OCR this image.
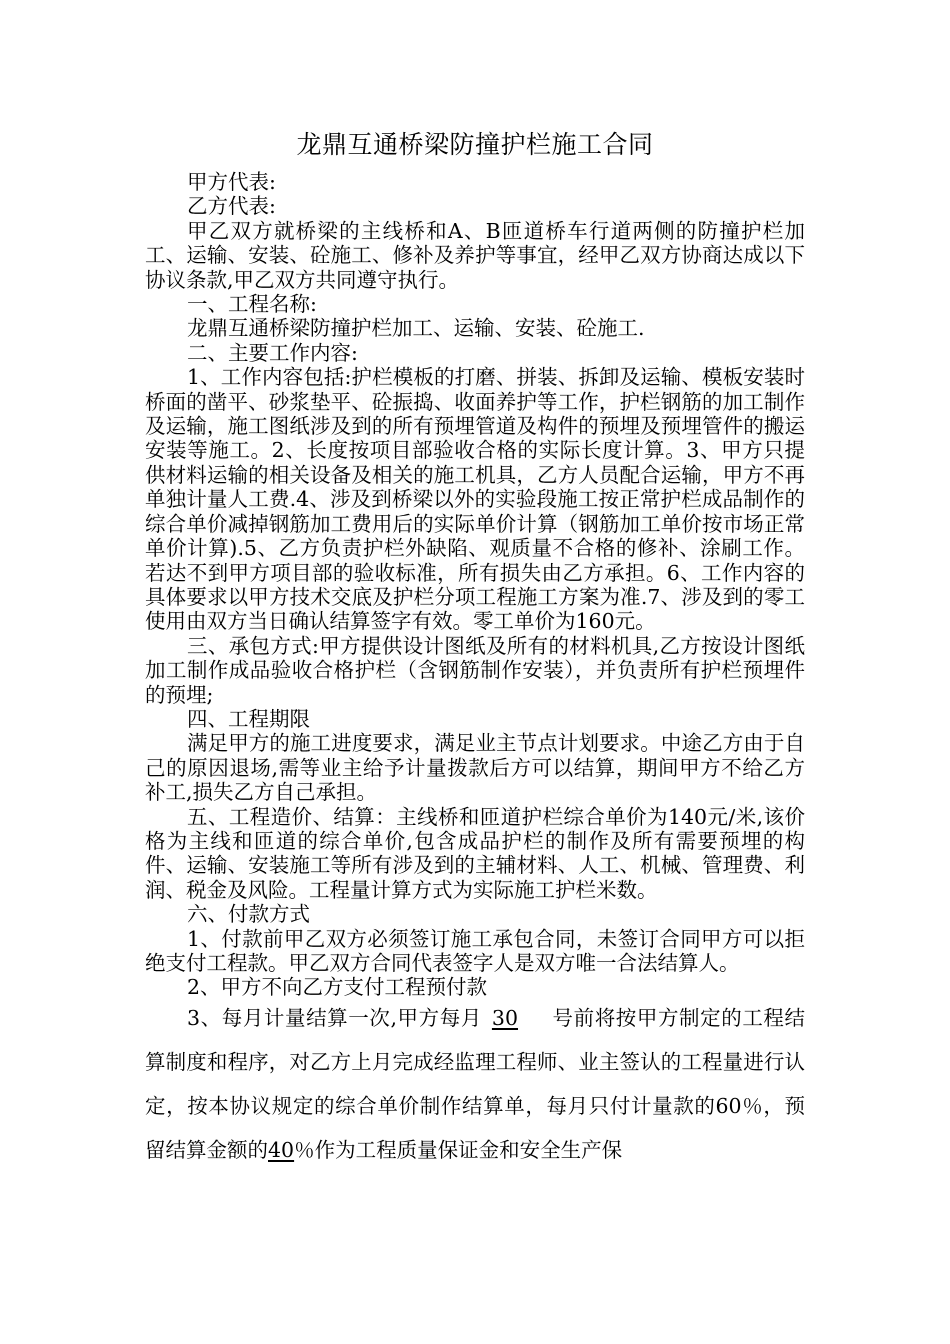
龙鼎互通桥梁防撞护栏施工合同

甲方代表:

乙方代表:

甲乙双方就桥梁的主线桥和A、B匝道桥车行道两侧的防撞护栏加工、运输、安装、砼施工、修补及养护等事宜，经甲乙双方协商达成以下协议条款,甲乙双方共同遵守执行。

一、工程名称:

龙鼎互通桥梁防撞护栏加工、运输、安装、砼施工.

二、主要工作内容:

1、工作内容包括:护栏模板的打磨、拼装、拆卸及运输、模板安装时桥面的凿平、砂浆垫平、砼振捣、收面养护等工作，护栏钢筋的加工制作及运输，施工图纸涉及到的所有预埋管道及构件的预埋及预埋管件的搬运安装等施工。2、长度按项目部验收合格的实际长度计算。3、甲方只提供材料运输的相关设备及相关的施工机具，乙方人员配合运输，甲方不再单独计量人工费.4、涉及到桥梁以外的实验段施工按正常护栏成品制作的综合单价减掉钢筋加工费用后的实际单价计算（钢筋加工单价按市场正常单价计算).5、乙方负责护栏外缺陷、观质量不合格的修补、涂刷工作。若达不到甲方项目部的验收标准，所有损失由乙方承担。6、工作内容的具体要求以甲方技术交底及护栏分项工程施工方案为准.7、涉及到的零工使用由双方当日确认结算签字有效。零工单价为160元。

三、承包方式:甲方提供设计图纸及所有的材料机具,乙方按设计图纸加工制作成品验收合格护栏（含钢筋制作安装），并负责所有护栏预埋件的预埋;

四、工程期限

满足甲方的施工进度要求，满足业主节点计划要求。中途乙方由于自己的原因退场,需等业主给予计量拨款后方可以结算，期间甲方不给乙方补工,损失乙方自己承担。

五、工程造价、结算：主线桥和匝道护栏综合单价为140元/米,该价格为主线和匝道的综合单价,包含成品护栏的制作及所有需要预埋的构件、运输、安装施工等所有涉及到的主辅材料、人工、机械、管理费、利润、税金及风险。工程量计算方式为实际施工护栏米数。

六、付款方式

1、付款前甲乙双方必须签订施工承包合同，未签订合同甲方可以拒绝支付工程款。甲乙双方合同代表签字人是双方唯一合法结算人。

2、甲方不向乙方支付工程预付款

3、每月计量结算一次,甲方每月 30 号前将按甲方制定的工程结算制度和程序，对乙方上月完成经监理工程师、业主签认的工程量进行认定，按本协议规定的综合单价制作结算单，每月只付计量款的60％，预留结算金额的40％作为工程质量保证金和安全生产保
